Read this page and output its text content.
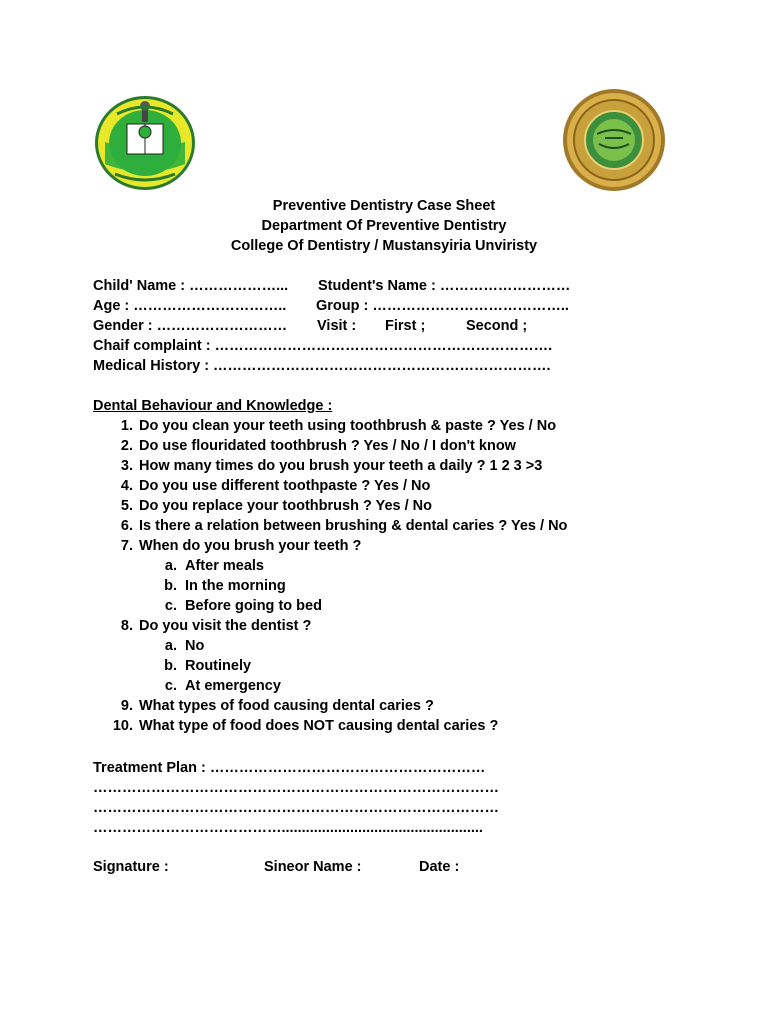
Preventive Dentistry Case Sheet
Department Of Preventive Dentistry
College Of Dentistry / Mustansyiria Unviristy
Child' Name : ………………... Student's Name : ………………………
Age : ………………………….. Group : …………………………………..
Gender : ……………………… Visit : First ;	Second ;
Chaif complaint : …………………………………………………………….
Medical History : …………………………………………………………….
Dental Behaviour and Knowledge :
1. Do you clean your teeth using toothbrush & paste ? Yes / No
2. Do use flouridated toothbrush ? Yes / No / I don't know
3. How many times do you brush your teeth a daily ? 1 2 3 >3
4. Do you use different toothpaste ? Yes / No
5. Do you replace your toothbrush ? Yes / No
6. Is there a relation between brushing & dental caries ? Yes / No
7. When do you brush your teeth ?
a. After meals
b. In the morning
c. Before going to bed
8. Do you visit the dentist ?
a. No
b. Routinely
c. At emergency
9. What types of food causing dental caries ?
10. What type of food does NOT causing dental caries ?
Treatment Plan : …………………………………………………
…………………………………………………………………………
…………………………………………………………………………
…………………………………..................................................
Signature :	Sineor Name :	Date :
